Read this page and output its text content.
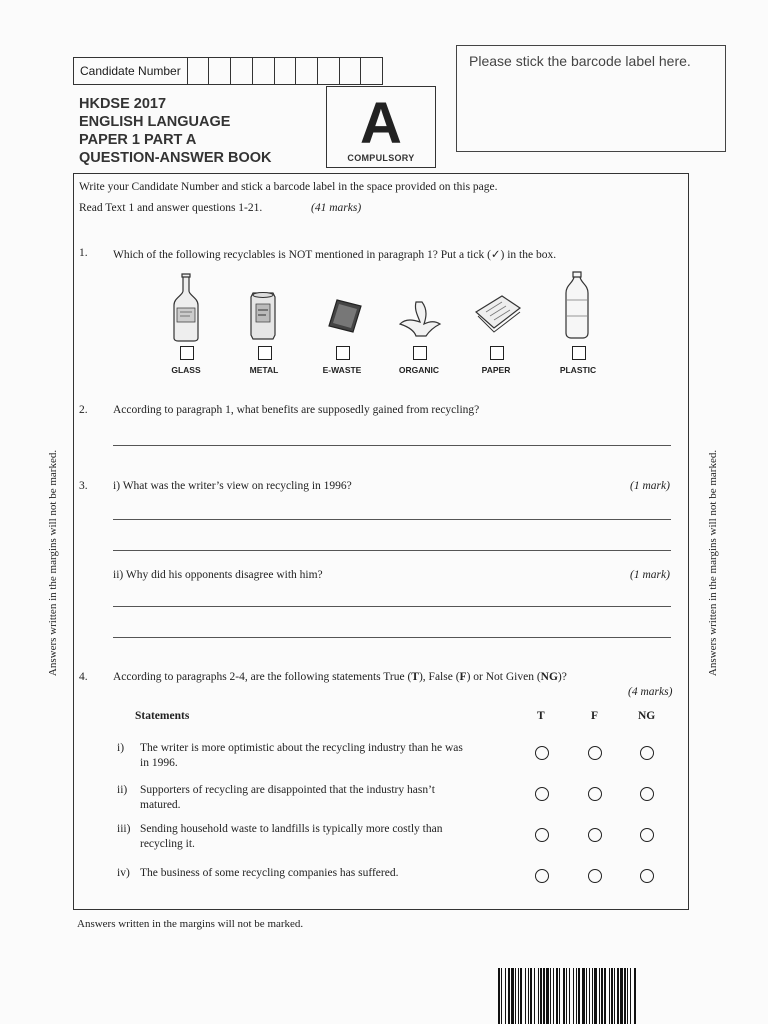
Candidate Number
HKDSE 2017
ENGLISH LANGUAGE
PAPER 1 PART A
QUESTION-ANSWER BOOK
A
COMPULSORY
Please stick the barcode label here.
Write your Candidate Number and stick a barcode label in the space provided on this page.
Read Text 1 and answer questions 1-21.	(41 marks)
1. Which of the following recyclables is NOT mentioned in paragraph 1? Put a tick (✓) in the box.
GLASS	METAL	E-WASTE	ORGANIC	PAPER	PLASTIC
2. According to paragraph 1, what benefits are supposedly gained from recycling?
3. i) What was the writer’s view on recycling in 1996?	(1 mark)
ii) Why did his opponents disagree with him?	(1 mark)
4. According to paragraphs 2-4, are the following statements True (T), False (F) or Not Given (NG)?
(4 marks)
Statements	T	F	NG
i) The writer is more optimistic about the recycling industry than he was
in 1996.
ii) Supporters of recycling are disappointed that the industry hasn’t
matured.
iii) Sending household waste to landfills is typically more costly than
recycling it.
iv) The business of some recycling companies has suffered.
Answers written in the margins will not be marked.
Answers written in the margins will not be marked.	Answers written in the margins will not be marked.
